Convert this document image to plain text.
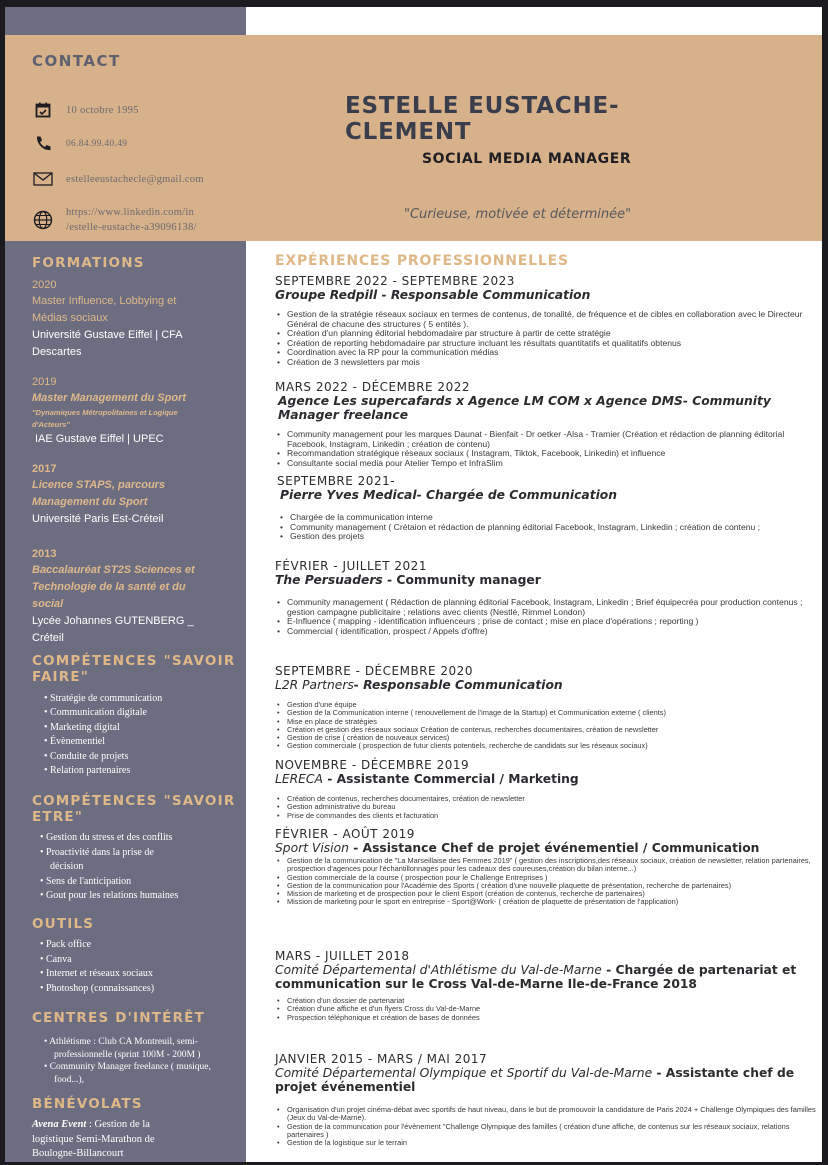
CONTACT
10 octobre 1995
06.84.99.40.49
estelleeustachecle@gmail.com
https://www.linkedin.com/in
/estelle-eustache-a39096138/
ESTELLE EUSTACHE-CLEMENT
SOCIAL MEDIA MANAGER
"Curieuse, motivée et déterminée"
FORMATIONS
2020
Master Influence, Lobbying et
Médias sociaux
Université Gustave Eiffel | CFA
Descartes
2019
Master Management du Sport
"Dynamiques Métropolitaines et Logique
d'Acteurs"
IAE Gustave Eiffel | UPEC
2017
Licence STAPS, parcours
Management du Sport
Université Paris Est-Créteil
2013
Baccalauréat ST2S Sciences et
Technologie de la santé et du
social
Lycée Johannes GUTENBERG _
Créteil
COMPÉTENCES "SAVOIR
FAIRE"
• Stratégie de communication
• Communication digitale
• Marketing digital
• Évènementiel
• Conduite de projets
• Relation partenaires
COMPÉTENCES "SAVOIR
ETRE"
• Gestion du stress et des conflits
• Proactivité dans la prise de
décision
• Sens de l'anticipation
• Gout pour les relations humaines
OUTILS
• Pack office
• Canva
• Internet et réseaux sociaux
• Photoshop (connaissances)
CENTRES D'INTÉRÊT
• Athlétisme : Club CA Montreuil, semi-
professionnelle (sprint 100M - 200M )
• Community Manager freelance ( musique,
food...),
BÉNÉVOLATS
Avena Event : Gestion de la
logistique Semi-Marathon de
Boulogne-Billancourt
EXPÉRIENCES PROFESSIONNELLES
SEPTEMBRE 2022 - SEPTEMBRE 2023
Groupe Redpill - Responsable Communication
• Gestion de la stratégie réseaux sociaux en termes de contenus, de tonalité, de fréquence et de cibles en collaboration avec le Directeur Général de chacune des structures ( 5 entités ).
• Création d'un planning éditorial hebdomadaire par structure à partir de cette stratégie
• Création de reporting hebdomadaire par structure incluant les résultats quantitatifs et qualitatifs obtenus
• Coordination avec la RP pour la communication médias
• Création de 3 newsletters par mois
MARS 2022 - DÉCEMBRE 2022
Agence Les supercafards x Agence LM COM x Agence DMS- Community Manager freelance
• Community management pour les marques Daunat - Bienfait - Dr oetker -Alsa - Tramier (Création et rédaction de planning éditorial Facebook, Instagram, Linkedin ; création de contenu)
• Recommandation stratégique réseaux sociaux ( Instagram, Tiktok, Facebook, Linkedin) et influence
• Consultante social media pour Atelier Tempo et InfraSlim
SEPTEMBRE 2021-
Pierre Yves Medical- Chargée de Communication
• Chargée de la communication interne
• Community management ( Crétaion et rédaction de planning éditorial Facebook, Instagram, Linkedin ; création de contenu ;
• Gestion des projets
FÉVRIER - JUILLET 2021
The Persuaders - Community manager
• Community management ( Rédaction de planning éditorial Facebook, Instagram, Linkedin ; Brief équipecréa pour production contenus ; gestion campagne publicitaire ; relations avec clients (Nestlé, Rimmel London)
• E-Influence ( mapping - identification influenceurs ; prise de contact ; mise en place d'opérations ; reporting )
• Commercial ( identification, prospect / Appels d'offre)
SEPTEMBRE - DÉCEMBRE 2020
L2R Partners- Responsable Communication
• Gestion d'une équipe
• Gestion de la Communication interne ( renouvellement de l'image de la Startup) et Communication externe ( clients)
• Mise en place de stratégies
• Création et gestion des réseaux sociaux Création de contenus, recherches documentaires, création de newsletter
• Gestion de crise ( création de nouveaux services)
• Gestion commerciale ( prospection de futur clients potentiels, recherche de candidats sur les réseaux sociaux)
NOVEMBRE - DÉCEMBRE 2019
LERECA - Assistante Commercial / Marketing
• Création de contenus, recherches documentaires, création de newsletter
• Gestion administrative du bureau
• Prise de commandes des clients et facturation
FÉVRIER - AOÛT 2019
Sport Vision - Assistance Chef de projet événementiel / Communication
• Gestion de la communication de "La Marseillaise des Femmes 2019" ( gestion des inscriptions,des réseaux sociaux, création de newsletter, relation partenaires, prospection d'agences pour l'échantillonnages pour les cadeaux des coureuses,création du bilan interne...)
• Gestion commerciale de la course ( prospection pour le Challenge Entreprises )
• Gestion de la communication pour l'Académie des Sports ( création d'une nouvelle plaquette de présentation, recherche de partenaires)
• Mission de marketing et de prospection pour le client Esport (création de contenus, recherche de partenaires)
• Mission de marketing pour le sport en entreprise - Sport@Work- ( création de plaquette de présentation de l'application)
MARS - JUILLET 2018
Comité Départemental d'Athlétisme du Val-de-Marne - Chargée de partenariat et communication sur le Cross Val-de-Marne Ile-de-France 2018
• Création d'un dossier de partenariat
• Création d'une affiche et d'un flyers Cross du Val-de-Marne
• Prospection téléphonique et création de bases de données
JANVIER 2015 - MARS / MAI 2017
Comité Départemental Olympique et Sportif du Val-de-Marne - Assistante chef de projet événementiel
• Organisation d'un projet cinéma-débat avec sportifs de haut niveau, dans le but de promouvoir la candidature de Paris 2024 + Challenge Olympiques des familles (Jeux du Val-de-Marne).
• Gestion de la communication pour l'évènement "Challenge Olympique des familles ( création d'une affiche, de contenus sur les réseaux sociaux, relations partenaires )
• Gestion de la logistique sur le terrain
